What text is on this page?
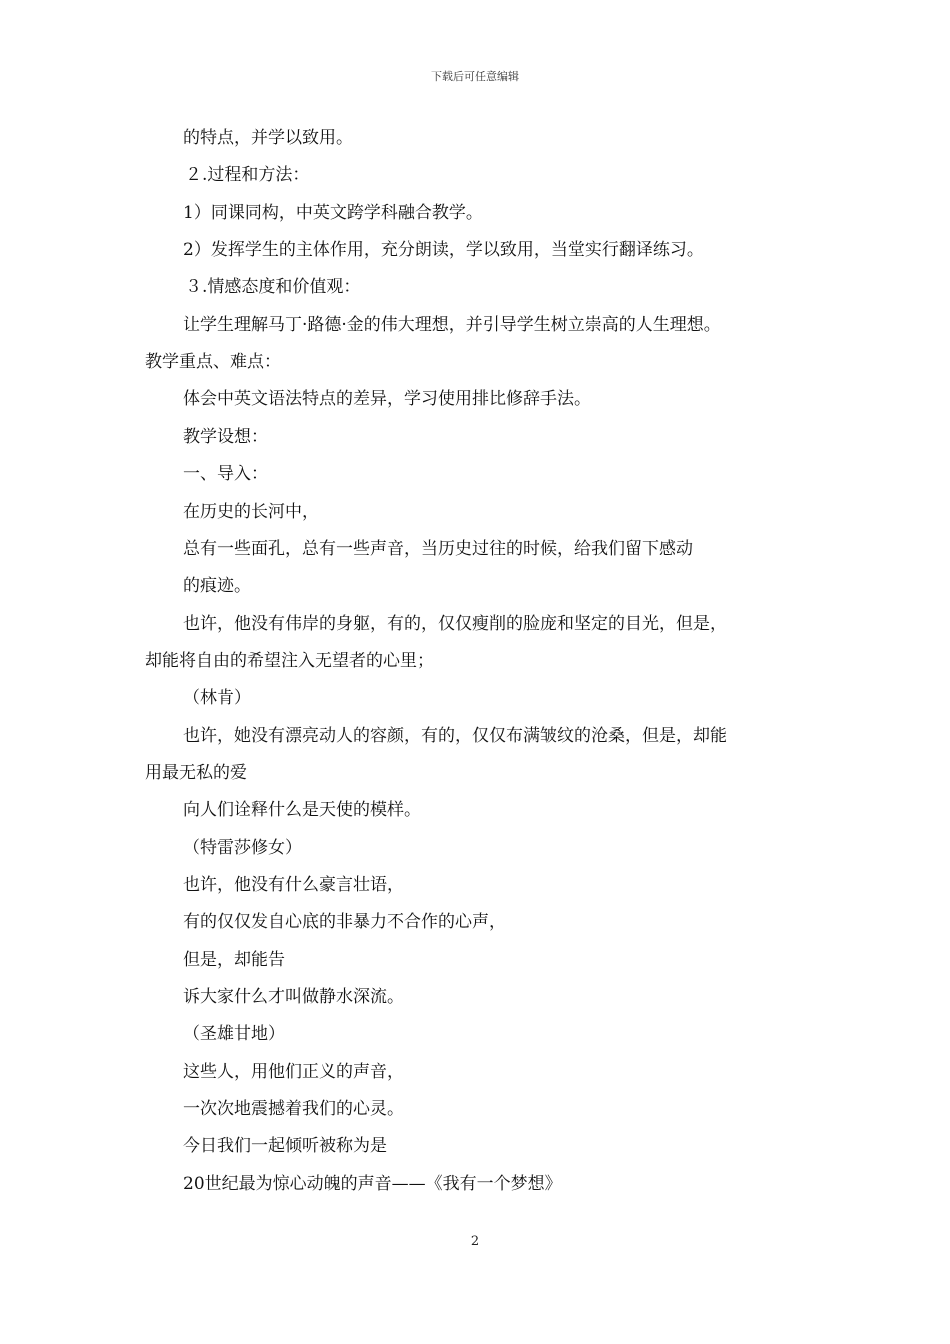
下载后可任意编辑
的特点，并学以致用。
２.过程和方法：
1）同课同构，中英文跨学科融合教学。
2）发挥学生的主体作用，充分朗读，学以致用，当堂实行翻译练习。
３.情感态度和价值观：
让学生理解马丁·路德·金的伟大理想，并引导学生树立崇高的人生理想。
教学重点、难点：
体会中英文语法特点的差异，学习使用排比修辞手法。
教学设想：
一、导入：
在历史的长河中，
总有一些面孔，总有一些声音，当历史过往的时候，给我们留下感动
的痕迹。
也许，他没有伟岸的身躯，有的，仅仅瘦削的脸庞和坚定的目光，但是，
却能将自由的希望注入无望者的心里；
（林肯）
也许，她没有漂亮动人的容颜，有的，仅仅布满皱纹的沧桑，但是，却能
用最无私的爱
向人们诠释什么是天使的模样。
（特雷莎修女）
也许，他没有什么豪言壮语，
有的仅仅发自心底的非暴力不合作的心声，
但是，却能告
诉大家什么才叫做静水深流。
（圣雄甘地）
这些人，用他们正义的声音，
一次次地震撼着我们的心灵。
今日我们一起倾听被称为是
20世纪最为惊心动魄的声音——《我有一个梦想》
2
